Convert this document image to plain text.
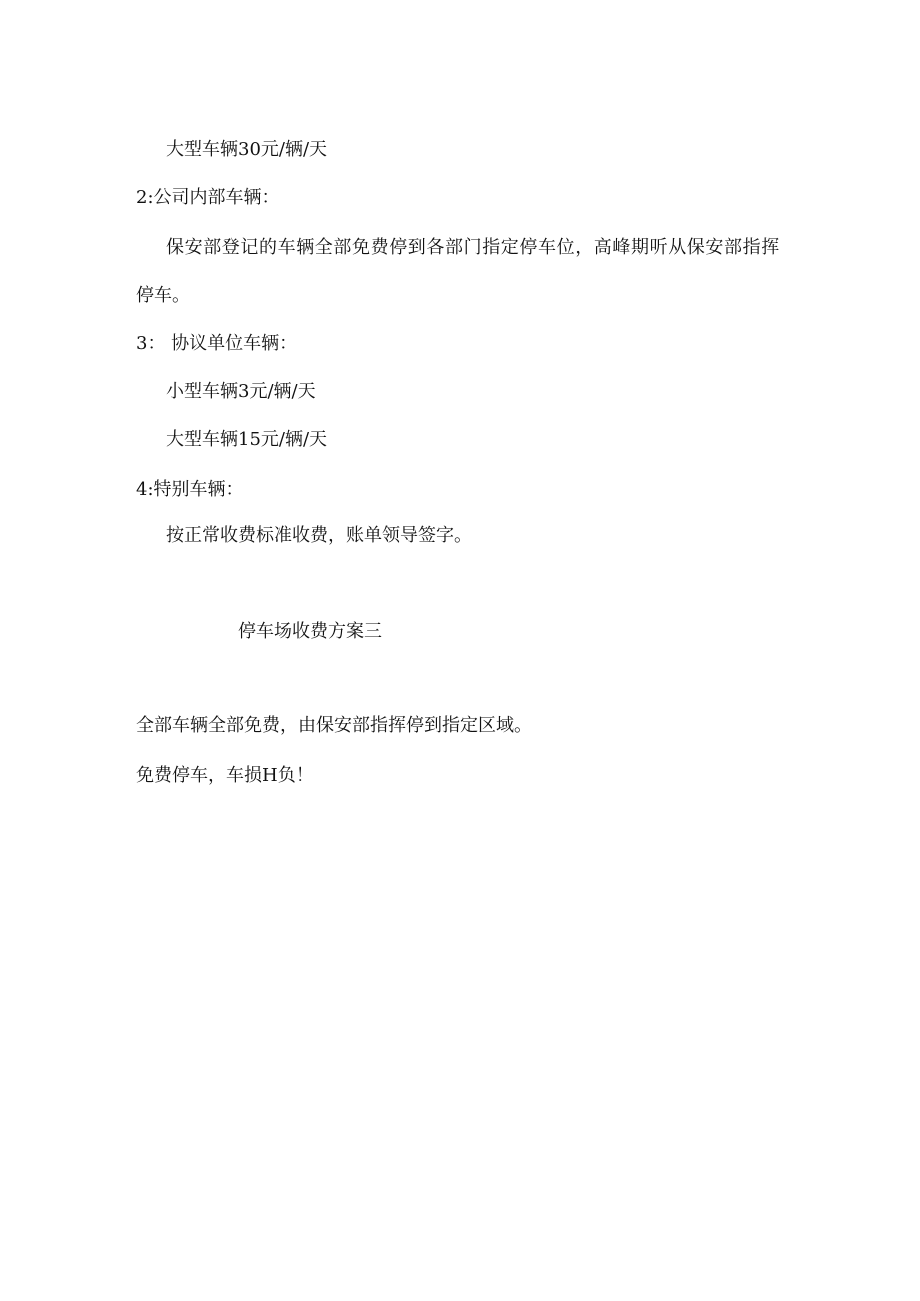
大型车辆30元/辆/天
2:公司内部车辆：
保安部登记的车辆全部免费停到各部门指定停车位，高峰期听从保安部指挥
停车。
3： 协议单位车辆：
小型车辆3元/辆/天
大型车辆15元/辆/天
4:特别车辆：
按正常收费标准收费，账单领导签字。
停车场收费方案三
全部车辆全部免费，由保安部指挥停到指定区域。
免费停车，车损H负！
